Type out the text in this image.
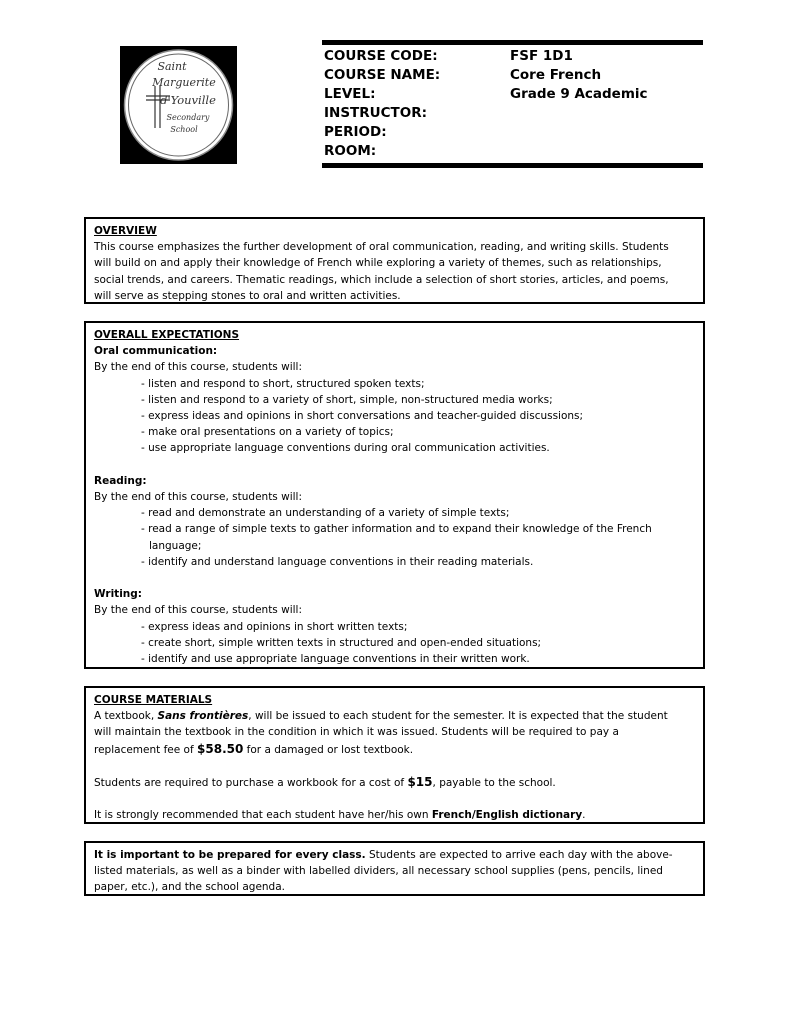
Saint
Marguerite
d'Youville
Secondary
School
COURSE CODE:	FSF 1D1
COURSE NAME:	Core French
LEVEL:	Grade 9 Academic
INSTRUCTOR:
PERIOD:
ROOM:

OVERVIEW

This course emphasizes the further development of oral communication, reading, and writing skills. Students

will build on and apply their knowledge of French while exploring a variety of themes, such as relationships,

social trends, and careers. Thematic readings, which include a selection of short stories, articles, and poems,

will serve as stepping stones to oral and written activities.

OVERALL EXPECTATIONS

Oral communication:

By the end of this course, students will:

- listen and respond to short, structured spoken texts;

- listen and respond to a variety of short, simple, non-structured media works;

- express ideas and opinions in short conversations and teacher-guided discussions;

- make oral presentations on a variety of topics;

- use appropriate language conventions during oral communication activities.

Reading:

By the end of this course, students will:

- read and demonstrate an understanding of a variety of simple texts;

- read a range of simple texts to gather information and to expand their knowledge of the French

language;

- identify and understand language conventions in their reading materials.

Writing:

By the end of this course, students will:

- express ideas and opinions in short written texts;

- create short, simple written texts in structured and open-ended situations;

- identify and use appropriate language conventions in their written work.

COURSE MATERIALS

A textbook, Sans frontières, will be issued to each student for the semester. It is expected that the student

will maintain the textbook in the condition in which it was issued. Students will be required to pay a

replacement fee of $58.50 for a damaged or lost textbook.

Students are required to purchase a workbook for a cost of $15, payable to the school.

It is strongly recommended that each student have her/his own French/English dictionary.

It is important to be prepared for every class. Students are expected to arrive each day with the above-

listed materials, as well as a binder with labelled dividers, all necessary school supplies (pens, pencils, lined

paper, etc.), and the school agenda.
